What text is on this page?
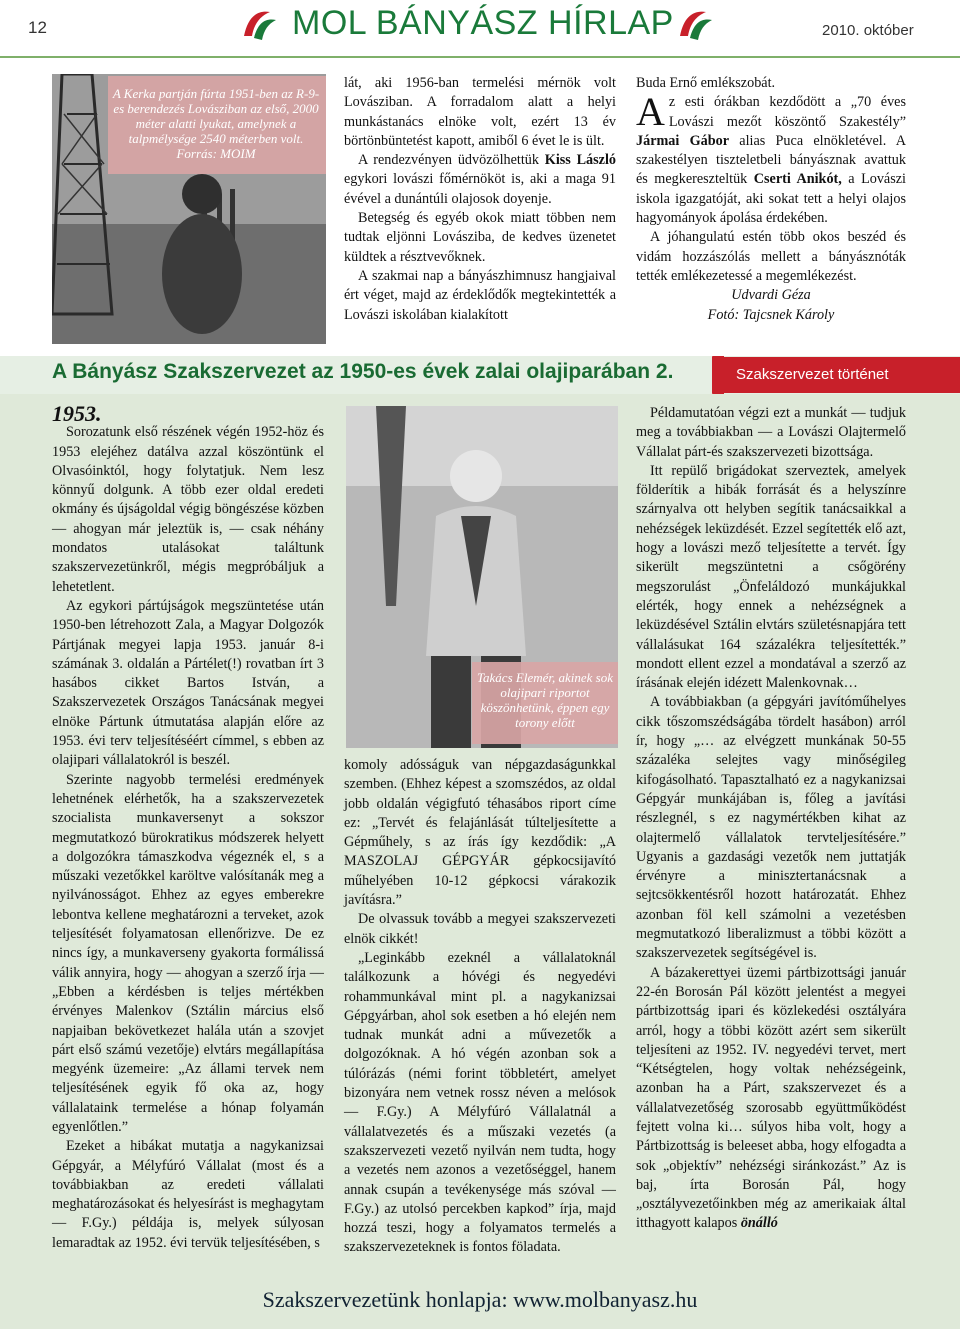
12	MOL BÁNYÁSZ HÍRLAP	2010. október
A Kerka partján fúrta 1951-ben az R-9-es berendezés Lovásziban az első, 2000 méter alatti lyukat, amelynek a talpmélysége 2540 méterben volt.
Forrás: MOIM

lát, aki 1956-ban termelési mérnök volt Lovásziban. A forradalom alatt a helyi munkástanács elnöke volt, ezért 13 év börtönbüntetést kapott, amiből 6 évet le is ült.

A rendezvényen üdvözölhettük Kiss László egykori lovászi főmérnököt is, aki a maga 91 évével a dunántúli olajosok doyenje.

Betegség és egyéb okok miatt többen nem tudtak eljönni Lovásziba, de kedves üzenetet küldtek a résztvevőknek.

A szakmai nap a bányászhimnusz hangjaival ért véget, majd az érdeklődők megtekintették a Lovászi iskolában kialakított

Buda Ernő emlékszobát.

Az esti órákban kezdődött a „70 éves Lovászi mezőt köszöntő Szakestély” Jármai Gábor alias Puca elnökletével. A szakestélyen tiszteletbeli bányásznak avattuk és megkereszteltük Cserti Anikót, a Lovászi iskola igazgatóját, aki sokat tett a helyi olajos hagyományok ápolása érdekében.

A jóhangulatú estén több okos beszéd és vidám hozzászólás mellett a bányásznóták tették emlékezetessé a megemlékezést.

Udvardi Géza

Fotó: Tajcsnek Károly

A Bányász Szakszervezet az 1950-es évek zalai olajiparában 2.	Szakszervezet történet

1953.

Sorozatunk első részének végén 1952-höz és 1953 elejéhez datálva azzal köszöntünk el Olvasóinktól, hogy folytatjuk. Nem lesz könnyű dolgunk. A több ezer oldal eredeti okmány és újságoldal végig böngészése közben — ahogyan már jeleztük is, — csak néhány mondatos utalásokat találtunk szakszervezetünkről, mégis megpróbáljuk a lehetetlent.

Az egykori pártújságok megszüntetése után 1950-ben létrehozott Zala, a Magyar Dolgozók Pártjának megyei lapja 1953. január 8-i számának 3. oldalán a Pártélet(!) rovatban írt 3 hasábos cikket Bartos István, a Szakszervezetek Országos Tanácsának megyei elnöke Pártunk útmutatása alapján előre az 1953. évi terv teljesítéséért címmel, s ebben az olajipari vállalatokról is beszél.

Szerinte nagyobb termelési eredmények lehetnének elérhetők, ha a szakszervezetek szocialista munkaversenyt a sokszor megmutatkozó bürokratikus módszerek helyett a dolgozókra támaszkodva végeznék el, s a műszaki vezetőkkel karöltve valósítanák meg a nyilvánosságot. Ehhez az egyes emberekre lebontva kellene meghatározni a terveket, azok teljesítését folyamatosan ellenőrizve. De ez nincs így, a munkaverseny gyakorta formálissá válik annyira, hogy — ahogyan a szerző írja — „Ebben a kérdésben is teljes mértékben érvényes Malenkov (Sztálin március első napjaiban bekövetkezet halála után a szovjet párt első számú vezetője) elvtárs megállapítása megyénk üzemeire: „Az állami tervek nem teljesítésének egyik fő oka az, hogy vállalataink termelése a hónap folyamán egyenlőtlen.”

Ezeket a hibákat mutatja a nagykanizsai Gépgyár, a Mélyfúró Vállalat (most és a továbbiakban az eredeti vállalati meghatározásokat és helyesírást is meghagytam — F.Gy.) példája is, melyek súlyosan lemaradtak az 1952. évi tervük teljesítésében, s

Takács Elemér, akinek sok olajipari riportot köszönhetünk, éppen egy torony előtt

komoly adósságuk van népgazdaságunkkal szemben. (Ehhez képest a szomszédos, az oldal jobb oldalán végigfutó téhasábos riport címe ez: „Tervét és felajánlását túlteljesítette a Gépműhely, s az írás így kezdődik: „A MASZOLAJ GÉPGYÁR gépkocsijavító műhelyében 10-12 gépkocsi várakozik javításra.”

De olvassuk tovább a megyei szakszervezeti elnök cikkét!

„Leginkább ezeknél a vállalatoknál találkozunk a hóvégi és negyedévi rohammunkával mint pl. a nagykanizsai Gépgyárban, ahol sok esetben a hó elején nem tudnak munkát adni a művezetők a dolgozóknak. A hó végén azonban sok a túlórázás (némi forint többletért, amelyet bizonyára nem vetnek rossz néven a melósok — F.Gy.) A Mélyfúró Vállalatnál a vállalatvezetés és a műszaki vezetés (a szakszervezeti vezető nyilván nem tudta, hogy a vezetés nem azonos a vezetőséggel, hanem annak csupán a tevékenysége más szóval — F.Gy.) az utolsó percekben kapkod” írja, majd hozzá teszi, hogy a folyamatos termelés a szakszervezeteknek is fontos föladata.

Példamutatóan végzi ezt a munkát — tudjuk meg a továbbiakban — a Lovászi Olajtermelő Vállalat párt-és szakszervezeti bizottsága.

Itt repülő brigádokat szerveztek, amelyek földerítik a hibák forrását és a helyszínre szárnyalva ott helyben segítik tanácsaikkal a nehézségek leküzdését. Ezzel segítették elő azt, hogy a lovászi mező teljesítette a tervét. Így sikerült megszüntetni a csőgörény megszorulást „Önfeláldozó munkájukkal elérték, hogy ennek a nehézségnek a leküzdésével Sztálin elvtárs születésnapjára tett vállalásukat 164 százalékra teljesítették.” mondott ellent ezzel a mondatával a szerző az írásának elején idézett Malenkovnak…

A továbbiakban (a gépgyári javítóműhelyes cikk tőszomszédságába tördelt hasábon) arról ír, hogy „… az elvégzett munkának 50-55 százaléka selejtes vagy minőségileg kifogásolható. Tapasztalható ez a nagykanizsai Gépgyár munkájában is, főleg a javítási részlegnél, s ez nagymértékben kihat az olajtermelő vállalatok tervteljesítésére.” Ugyanis a gazdasági vezetők nem juttatják érvényre a minisztertanácsnak a sejtcsökkentésről hozott határozatát. Ehhez azonban föl kell számolni a vezetésben megmutatkozó liberalizmust a többi között a szakszervezetek segítségével is.

A bázakerettyei üzemi pártbizottsági január 22-én Borosán Pál között jelentést a megyei pártbizottság ipari és közlekedési osztályára arról, hogy a többi között azért sem sikerült teljesíteni az 1952. IV. negyedévi tervet, mert “Kétségtelen, hogy voltak nehézségeink, azonban ha a Párt, szakszervezet és a vállalatvezetőség szorosabb együttműködést fejtett volna ki… súlyos hiba volt, hogy a Pártbizottság is beleeset abba, hogy elfogadta a sok „objektív” nehézségi siránkozást.” Az is baj, írta Borosán Pál, hogy „osztályvezetőinkben még az amerikaiak által itthagyott kalapos önálló

Szakszervezetünk honlapja: www.molbanyasz.hu
